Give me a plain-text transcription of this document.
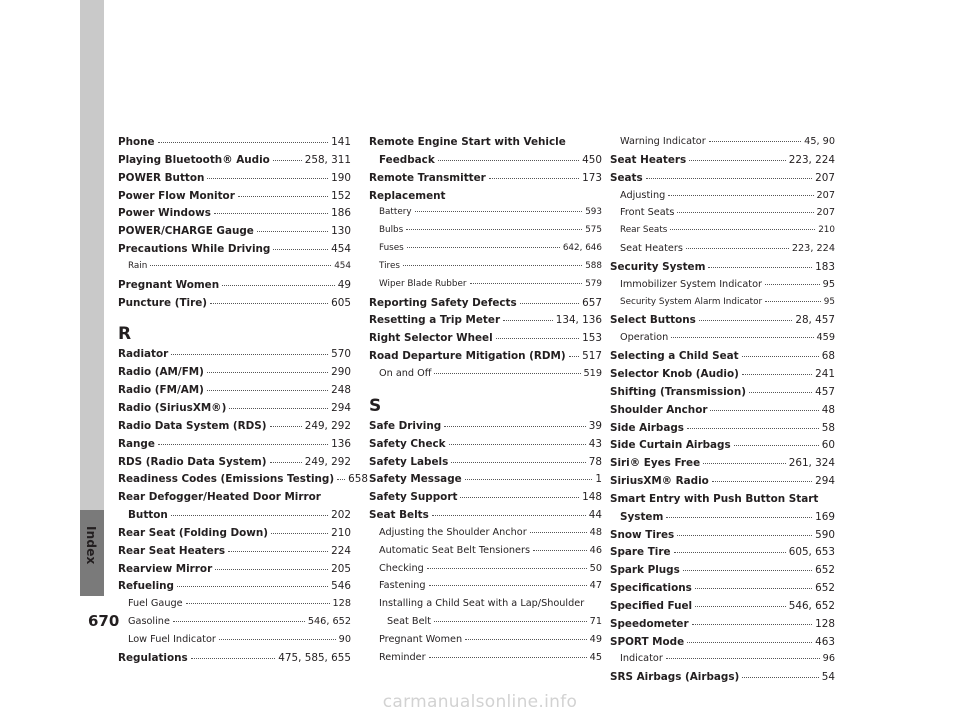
Index
670
Phone	141
Playing Bluetooth® Audio	258, 311
POWER Button	190
Power Flow Monitor	152
Power Windows	186
POWER/CHARGE Gauge	130
Precautions While Driving	454
Rain	454
Pregnant Women	49
Puncture (Tire)	605
R
Radiator	570
Radio (AM/FM)	290
Radio (FM/AM)	248
Radio (SiriusXM®)	294
Radio Data System (RDS)	249, 292
Range	136
RDS (Radio Data System)	249, 292
Readiness Codes (Emissions Testing) 658
Rear Defogger/Heated Door Mirror
Button	202
Rear Seat (Folding Down)	210
Rear Seat Heaters	224
Rearview Mirror	205
Refueling	546
Fuel Gauge	128
Gasoline	546, 652
Low Fuel Indicator	90
Regulations	475, 585, 655
Remote Engine Start with Vehicle
Feedback	450
Remote Transmitter	173
Replacement
Battery	593
Bulbs	575
Fuses	642, 646
Tires	588
Wiper Blade Rubber	579
Reporting Safety Defects	657
Resetting a Trip Meter	134, 136
Right Selector Wheel	153
Road Departure Mitigation (RDM) 517
On and Off	519
S
Safe Driving	39
Safety Check	43
Safety Labels	78
Safety Message	1
Safety Support	148
Seat Belts	44
Adjusting the Shoulder Anchor	48
Automatic Seat Belt Tensioners	46
Checking	50
Fastening	47
Installing a Child Seat with a Lap/Shoulder
Seat Belt	71
Pregnant Women	49
Reminder	45
Warning Indicator	45, 90
Seat Heaters	223, 224
Seats	207
Adjusting	207
Front Seats	207
Rear Seats	210
Seat Heaters	223, 224
Security System	183
Immobilizer System Indicator	95
Security System Alarm Indicator	95
Select Buttons	28, 457
Operation	459
Selecting a Child Seat	68
Selector Knob (Audio)	241
Shifting (Transmission)	457
Shoulder Anchor	48
Side Airbags	58
Side Curtain Airbags	60
Siri® Eyes Free	261, 324
SiriusXM® Radio	294
Smart Entry with Push Button Start
System	169
Snow Tires	590
Spare Tire	605, 653
Spark Plugs	652
Specifications	652
Specified Fuel	546, 652
Speedometer	128
SPORT Mode	463
Indicator	96
SRS Airbags (Airbags)	54
carmanualsonline.info
